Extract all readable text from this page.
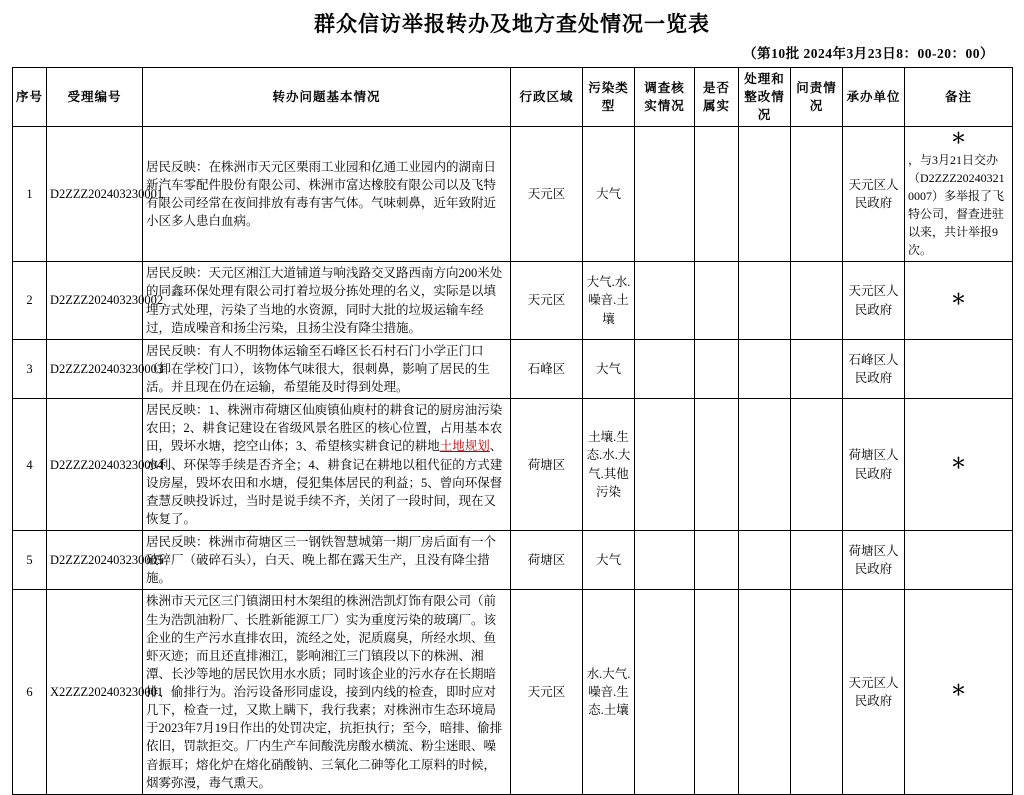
群众信访举报转办及地方查处情况一览表
（第10批 2024年3月23日8：00-20：00）
序号	受理编号	转办问题基本情况	行政区域	污染类型	调查核实情况	是否属实	处理和整改情况	问责情况	承办单位	备注
1	D2ZZZ202403230001	居民反映：在株洲市天元区栗雨工业园和亿通工业园内的湖南日新汽车零配件股份有限公司、株洲市富达橡胶有限公司以及飞特有限公司经常在夜间排放有毒有害气体。气味刺鼻，近年致附近小区多人患白血病。	天元区	大气					天元区人民政府	＊，与3月21日交办（D2ZZZ20240321 0007）多举报了飞特公司，督查进驻以来，共计举报9次。
2	D2ZZZ202403230002	居民反映：天元区湘江大道铺道与响浅路交叉路西南方向200米处的同鑫环保处理有限公司打着垃圾分拣处理的名义，实际是以填埋方式处理，污染了当地的水资源，同时大批的垃圾运输车经过，造成噪音和扬尘污染，且扬尘没有降尘措施。	天元区	大气.水.噪音.土壤					天元区人民政府	＊
3	D2ZZZ202403230003	居民反映：有人不明物体运输至石峰区长石村石门小学正门口（卸在学校门口），该物体气味很大，很刺鼻，影响了居民的生活。并且现在仍在运输，希望能及时得到处理。	石峰区	大气					石峰区人民政府	
4	D2ZZZ202403230004	居民反映：1、株洲市荷塘区仙庾镇仙庾村的耕食记的厨房油污染农田；2、耕食记建设在省级风景名胜区的核心位置，占用基本农田，毁坏水塘，挖空山体；3、希望核实耕食记的耕地土地规划、水利、环保等手续是否齐全；4、耕食记在耕地以租代征的方式建设房屋，毁坏农田和水塘，侵犯集体居民的利益；5、曾向环保督查慧反映投诉过，当时是说手续不齐，关闭了一段时间，现在又恢复了。	荷塘区	土壤.生态.水.大气.其他污染					荷塘区人民政府	＊
5	D2ZZZ202403230005	居民反映：株洲市荷塘区三一钢铁智慧城第一期厂房后面有一个破碎厂（破碎石头），白天、晚上都在露天生产，且没有降尘措施。	荷塘区	大气					荷塘区人民政府	
6	X2ZZZ202403230001	株洲市天元区三门镇湖田村木架组的株洲浩凯灯饰有限公司（前生为浩凯油粉厂、长胜新能源工厂）实为重度污染的玻璃厂。该企业的生产污水直排农田，流经之处，泥质腐臭，所经水坝、鱼虾灭迹；而且还直排湘江，影响湘江三门镇段以下的株洲、湘潭、长沙等地的居民饮用水水质；同时该企业的污水存在长期暗排、偷排行为。治污设备形同虚设，接到内线的检查，即时应对几下，检查一过，又欺上瞒下，我行我素；对株洲市生态环境局于2023年7月19日作出的处罚决定，抗拒执行；至今，暗排、偷排依旧，罚款拒交。厂内生产车间酸洗房酸水横流、粉尘迷眼、噪音振耳；熔化炉在熔化硝酸钠、三氧化二砷等化工原料的时候，烟雾弥漫，毒气熏天。	天元区	水.大气.噪音.生态.土壤					天元区人民政府	＊
